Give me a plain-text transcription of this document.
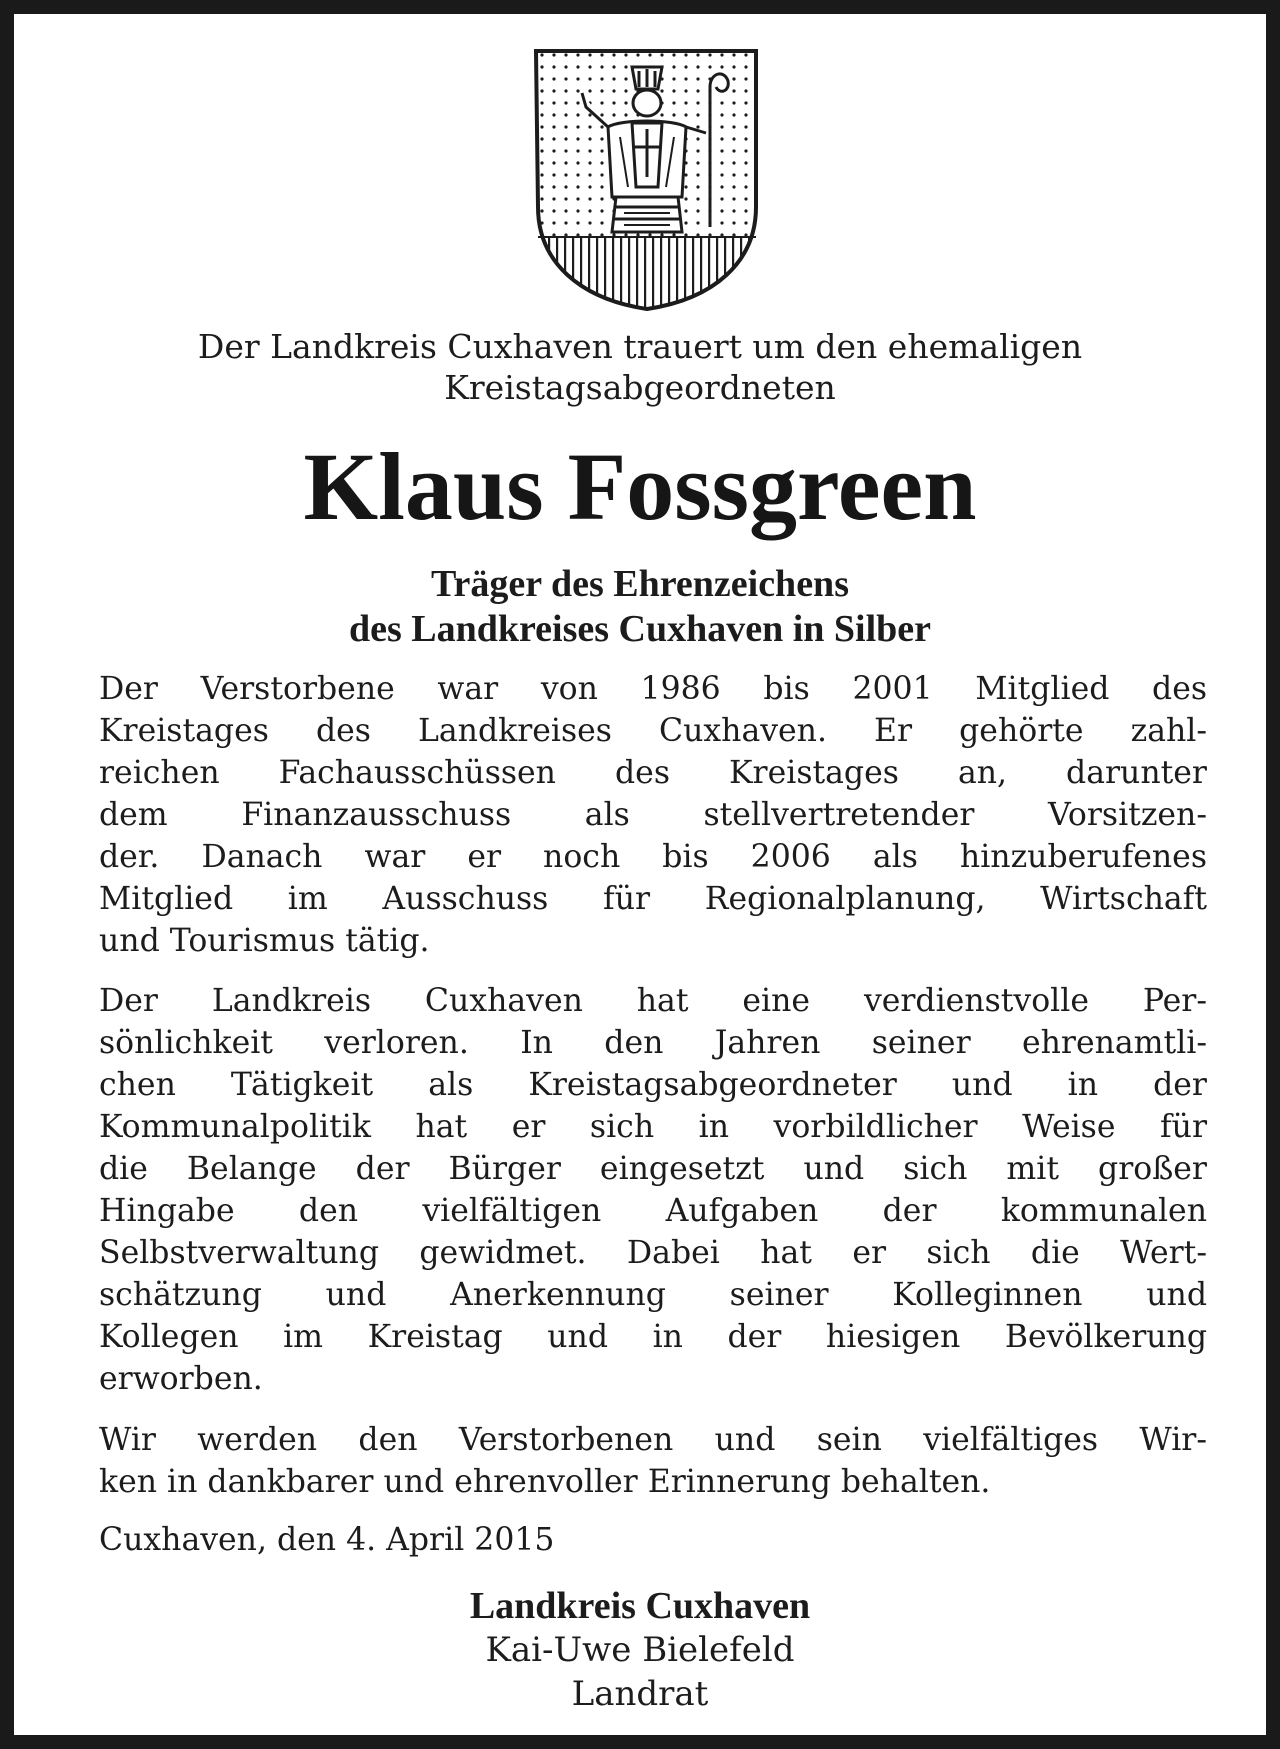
Der Landkreis Cuxhaven trauert um den ehemaligen
Kreistagsabgeordneten
Klaus Fossgreen
Träger des Ehrenzeichens
des Landkreises Cuxhaven in Silber
Der Verstorbene war von 1986 bis 2001 Mitglied des
Kreistages des Landkreises Cuxhaven. Er gehörte zahl-
reichen Fachausschüssen des Kreistages an, darunter
dem Finanzausschuss als stellvertretender Vorsitzen-
der. Danach war er noch bis 2006 als hinzuberufenes
Mitglied im Ausschuss für Regionalplanung, Wirtschaft
und Tourismus tätig.
Der Landkreis Cuxhaven hat eine verdienstvolle Per-
sönlichkeit verloren. In den Jahren seiner ehrenamtli-
chen Tätigkeit als Kreistagsabgeordneter und in der
Kommunalpolitik hat er sich in vorbildlicher Weise für
die Belange der Bürger eingesetzt und sich mit großer
Hingabe den vielfältigen Aufgaben der kommunalen
Selbstverwaltung gewidmet. Dabei hat er sich die Wert-
schätzung und Anerkennung seiner Kolleginnen und
Kollegen im Kreistag und in der hiesigen Bevölkerung
erworben.
Wir werden den Verstorbenen und sein vielfältiges Wir-
ken in dankbarer und ehrenvoller Erinnerung behalten.
Cuxhaven, den 4. April 2015
Landkreis Cuxhaven
Kai-Uwe Bielefeld
Landrat
